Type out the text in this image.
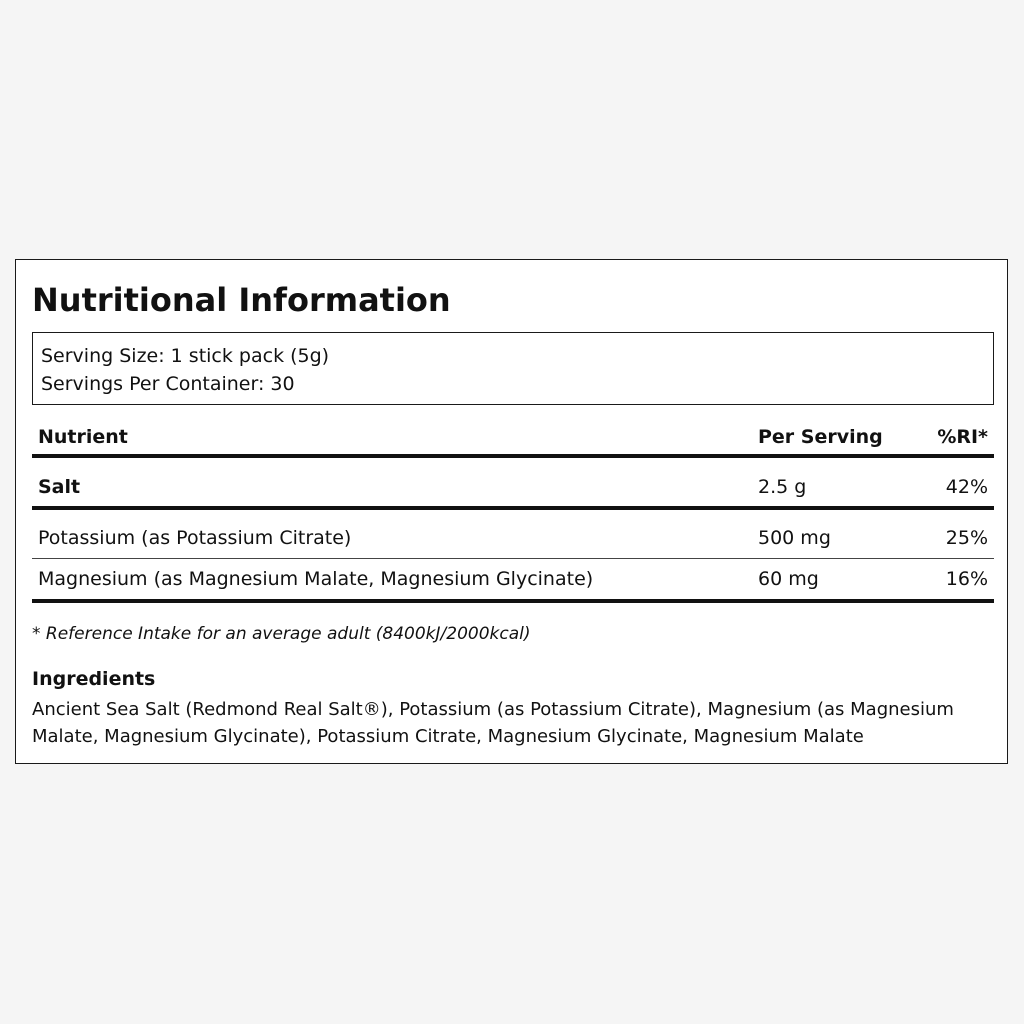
Nutritional Information
Serving Size: 1 stick pack (5g)
Servings Per Container: 30
Nutrient	Per Serving	%RI*
Salt	2.5 g	42%
Potassium (as Potassium Citrate)	500 mg	25%
Magnesium (as Magnesium Malate, Magnesium Glycinate)	60 mg	16%
* Reference Intake for an average adult (8400kJ/2000kcal)
Ingredients
Ancient Sea Salt (Redmond Real Salt®), Potassium (as Potassium Citrate), Magnesium (as Magnesium Malate, Magnesium Glycinate), Potassium Citrate, Magnesium Glycinate, Magnesium Malate
